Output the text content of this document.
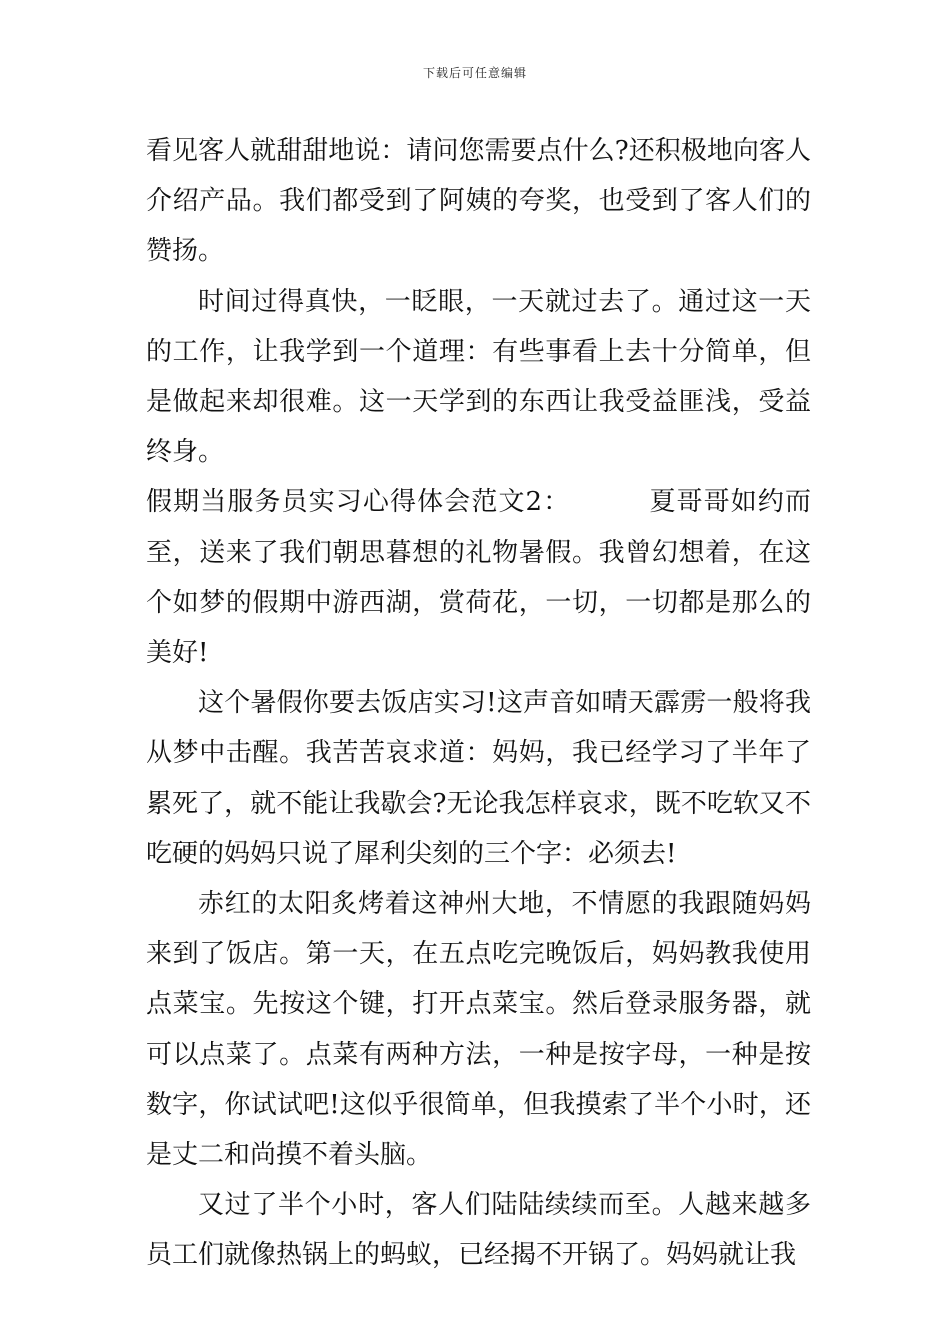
下载后可任意编辑

看见客人就甜甜地说：请问您需要点什么?还积极地向客人介绍产品。我们都受到了阿姨的夸奖，也受到了客人们的赞扬。

时间过得真快，一眨眼，一天就过去了。通过这一天的工作，让我学到一个道理：有些事看上去十分简单，但是做起来却很难。这一天学到的东西让我受益匪浅，受益终身。

假期当服务员实习心得体会范文2：	夏哥哥如约而至，送来了我们朝思暮想的礼物暑假。我曾幻想着，在这个如梦的假期中游西湖，赏荷花，一切，一切都是那么的美好!

这个暑假你要去饭店实习!这声音如晴天霹雳一般将我从梦中击醒。我苦苦哀求道：妈妈，我已经学习了半年了累死了，就不能让我歇会?无论我怎样哀求，既不吃软又不吃硬的妈妈只说了犀利尖刻的三个字：必须去!

赤红的太阳炙烤着这神州大地，不情愿的我跟随妈妈来到了饭店。第一天，在五点吃完晚饭后，妈妈教我使用点菜宝。先按这个键，打开点菜宝。然后登录服务器，就可以点菜了。点菜有两种方法，一种是按字母，一种是按数字，你试试吧!这似乎很简单，但我摸索了半个小时，还是丈二和尚摸不着头脑。

又过了半个小时，客人们陆陆续续而至。人越来越多员工们就像热锅上的蚂蚁，已经揭不开锅了。妈妈就让我
